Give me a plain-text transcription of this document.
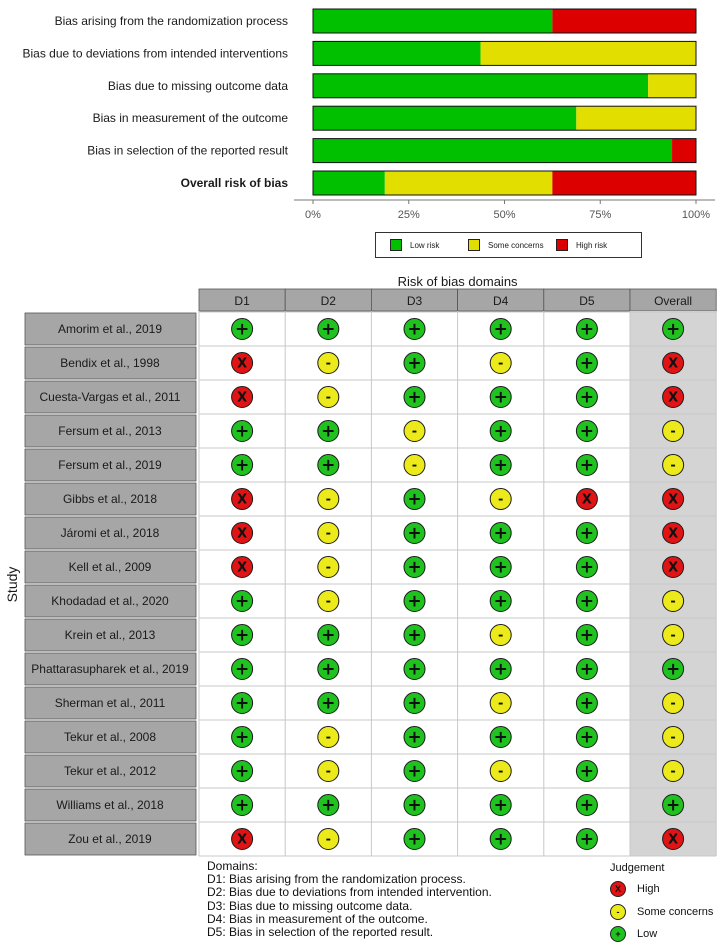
Bias arising from the randomization process
Bias due to deviations from intended interventions
Bias due to missing outcome data
Bias in measurement of the outcome
Bias in selection of the reported result
Overall risk of bias
0%	25%	50%	75%	100%
Low risk	Some concerns	High risk
Risk of bias domains
D1	D2	D3	D4	D5	Overall
Amorim et al., 2019	+	+	+	+	+	+
Bendix et al., 1998	X	-	+	-	+	X
Cuesta-Vargas et al., 2011	X	-	+	+	+	X
Fersum et al., 2013	+	+	-	+	+	-
Fersum et al., 2019	+	+	-	+	+	-
Gibbs et al., 2018	X	-	+	-	X	X
Járomi et al., 2018	X	-	+	+	+	X
Kell et al., 2009	X	-	+	+	+	X
Khodadad et al., 2020	+	-	+	+	+	-
Krein et al., 2013	+	+	+	-	+	-
Phattarasupharek et al., 2019	+	+	+	+	+	+
Sherman et al., 2011	+	+	+	-	+	-
Tekur et al., 2008	+	-	+	+	+	-
Tekur et al., 2012	+	-	+	-	+	-
Williams et al., 2018	+	+	+	+	+	+
Zou et al., 2019	X	-	+	+	+	X
Study
Domains:
D1: Bias arising from the randomization process.
D2: Bias due to deviations from intended intervention.
D3: Bias due to missing outcome data.
D4: Bias in measurement of the outcome.
D5: Bias in selection of the reported result.
Judgement
X	High
-	Some concerns
+	Low
